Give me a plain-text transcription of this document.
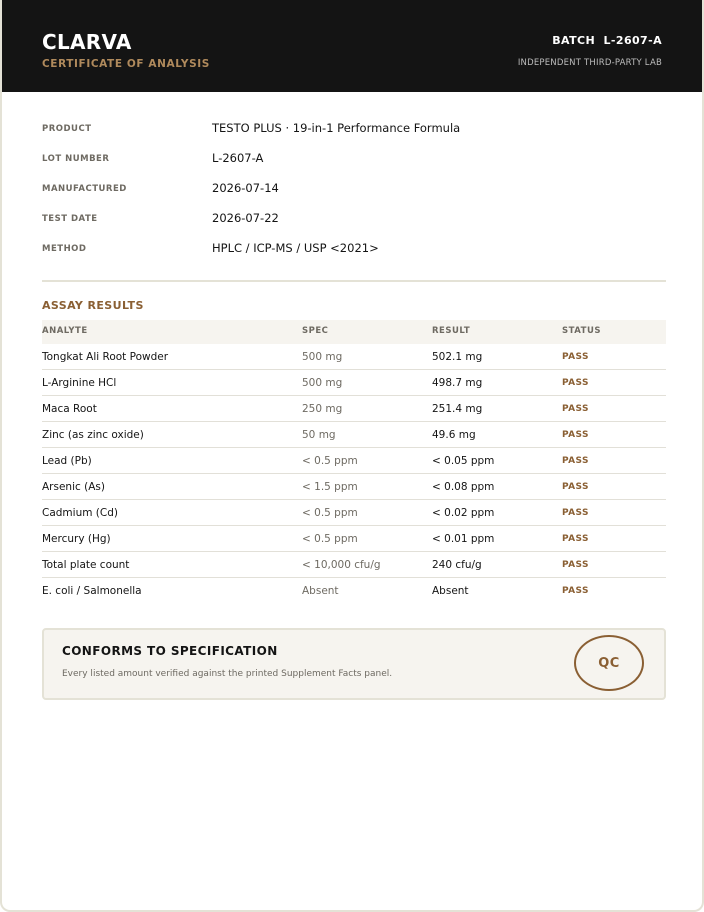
CLARVA
CERTIFICATE OF ANALYSIS
BATCH  L-2607-A
INDEPENDENT THIRD-PARTY LAB
PRODUCT	TESTO PLUS · 19-in-1 Performance Formula
LOT NUMBER	L-2607-A
MANUFACTURED	2026-07-14
TEST DATE	2026-07-22
METHOD	HPLC / ICP-MS / USP <2021>
ASSAY RESULTS
ANALYTE	SPEC	RESULT	STATUS
Tongkat Ali Root Powder	500 mg	502.1 mg	PASS
L-Arginine HCl	500 mg	498.7 mg	PASS
Maca Root	250 mg	251.4 mg	PASS
Zinc (as zinc oxide)	50 mg	49.6 mg	PASS
Lead (Pb)	< 0.5 ppm	< 0.05 ppm	PASS
Arsenic (As)	< 1.5 ppm	< 0.08 ppm	PASS
Cadmium (Cd)	< 0.5 ppm	< 0.02 ppm	PASS
Mercury (Hg)	< 0.5 ppm	< 0.01 ppm	PASS
Total plate count	< 10,000 cfu/g	240 cfu/g	PASS
E. coli / Salmonella	Absent	Absent	PASS
CONFORMS TO SPECIFICATION
Every listed amount verified against the printed Supplement Facts panel.
QC
